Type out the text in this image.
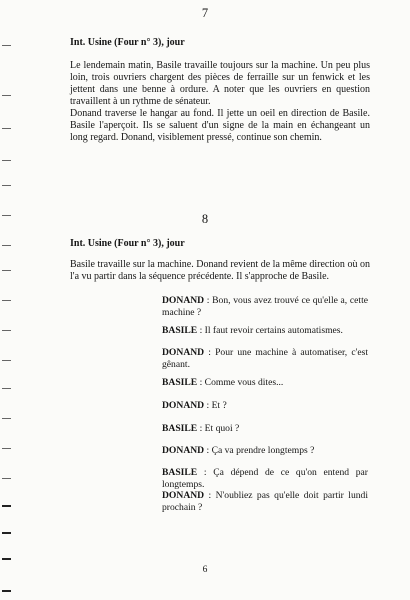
7
Int. Usine (Four n° 3), jour

Le lendemain matin, Basile travaille toujours sur la machine. Un peu plus loin, trois ouvriers chargent des pièces de ferraille sur un fenwick et les jettent dans une benne à ordure. A noter que les ouvriers en question travaillent à un rythme de sénateur.

Donand traverse le hangar au fond. Il jette un oeil en direction de Basile. Basile l'aperçoit. Ils se saluent d'un signe de la main en échangeant un long regard. Donand, visiblement pressé, continue son chemin.

8
Int. Usine (Four n° 3), jour

Basile travaille sur la machine. Donand revient de la même direction où on l'a vu partir dans la séquence précédente. Il s'approche de Basile.

DONAND : Bon, vous avez trouvé ce qu'elle a, cette machine ?
BASILE : Il faut revoir certains automatismes.
DONAND : Pour une machine à automatiser, c'est gênant.
BASILE : Comme vous dites...
DONAND : Et ?
BASILE : Et quoi ?
DONAND : Ça va prendre longtemps ?
BASILE : Ça dépend de ce qu'on entend par longtemps.
DONAND : N'oubliez pas qu'elle doit partir lundi prochain ?
6
